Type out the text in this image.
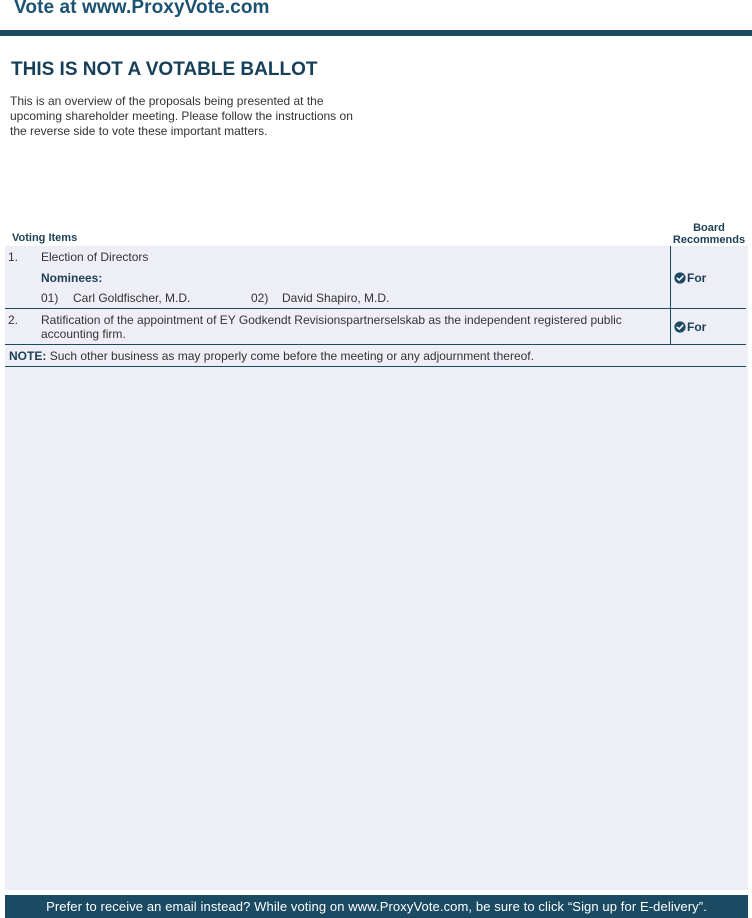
Vote at www.ProxyVote.com
THIS IS NOT A VOTABLE BALLOT
This is an overview of the proposals being presented at the
upcoming shareholder meeting. Please follow the instructions on
the reverse side to vote these important matters.
Voting Items
Board
Recommends
1. Election of Directors
Nominees:
01) Carl Goldfischer, M.D.	02) David Shapiro, M.D.
For
2. Ratification of the appointment of EY Godkendt Revisionspartnerselskab as the independent registered public
accounting firm.	For
NOTE: Such other business as may properly come before the meeting or any adjournment thereof.
Prefer to receive an email instead? While voting on www.ProxyVote.com, be sure to click “Sign up for E-delivery”.
